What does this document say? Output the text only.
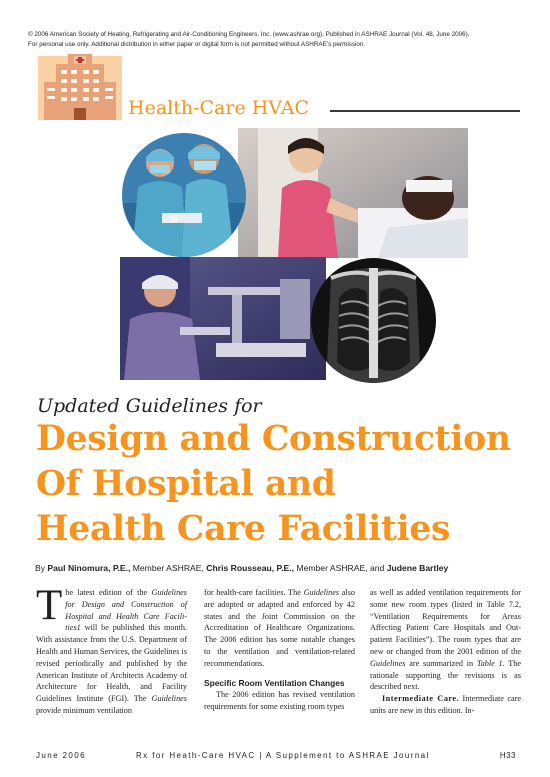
© 2006 American Society of Heating, Refrigerating and Air-Conditioning Engineers, Inc. (www.ashrae.org). Published in ASHRAE Journal (Vol. 48, June 2006).
For personal use only. Additional distribution in either paper or digital form is not permitted without ASHRAE’s permission.
Health-Care HVAC
Updated Guidelines for
Design and Construction
Of Hospital and
Health Care Facilities
By Paul Ninomura, P.E., Member ASHRAE, Chris Rousseau, P.E., Member ASHRAE, and Judene Bartley
The latest edition of the Guidelines for Design and Construction of Hospital and Health Care Facilities1 will be published this month. With assistance from the U.S. Department of Health and Human Services, the Guidelines is revised periodically and published by the American Institute of Architects Academy of Architecture for Health, and Facility Guidelines Institute (FGI). The Guidelines provide minimum ventilation
for health-care facilities. The Guidelines also are adopted or adapted and enforced by 42 states and the Joint Commission on the Accreditation of Healthcare Organizations. The 2006 edition has some notable changes to the ventilation and ventilation-related recommendations.
Specific Room Ventilation Changes
The 2006 edition has revised ventilation requirements for some existing room types
as well as added ventilation requirements for some new room types (listed in Table 7.2, “Ventilation Requirements for Areas Affecting Patient Care Hospitals and Outpatient Facilities”). The room types that are new or changed from the 2001 edition of the Guidelines are summarized in Table 1. The rationale supporting the revisions is as described next.
Intermediate Care. Intermediate care units are new in this edition. In-
June 2006	Rx for Heath-Care HVAC | A Supplement to ASHRAE Journal	H33
